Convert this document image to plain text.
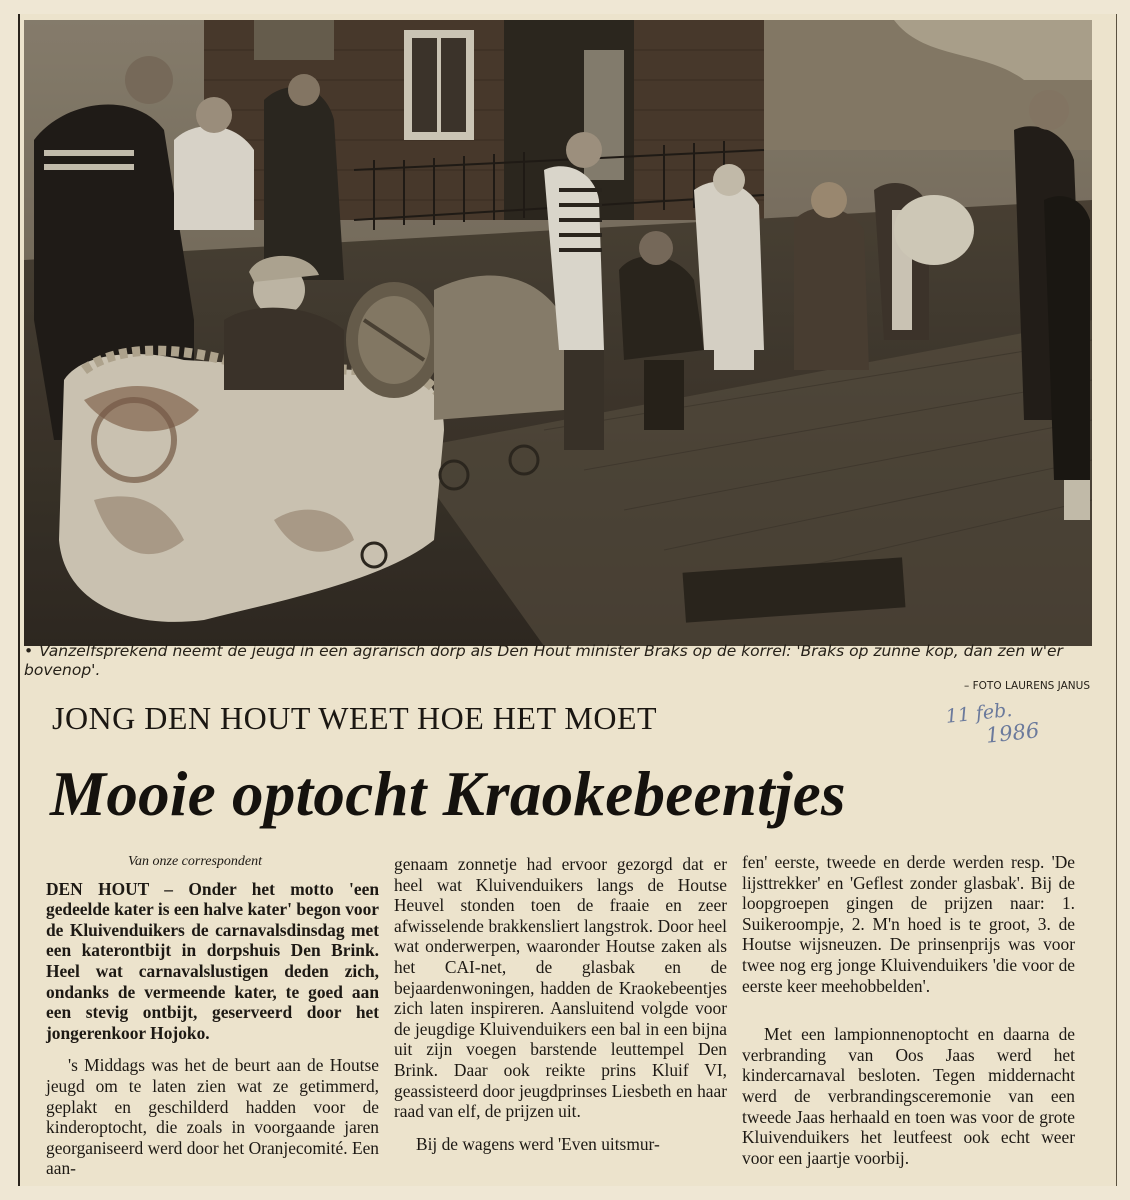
• Vanzelfsprekend neemt de jeugd in een agrarisch dorp als Den Hout minister Braks op de korrel: 'Braks op zunne kop, dan zen w'er bovenop'.
– FOTO LAURENS JANUS
11 feb.
1986
JONG DEN HOUT WEET HOE HET MOET
Mooie optocht Kraokebeentjes
Van onze correspondent

DEN HOUT – Onder het motto 'een gedeelde kater is een halve kater' begon voor de Kluivenduikers de carnavalsdinsdag met een katerontbijt in dorpshuis Den Brink. Heel wat carnavalslustigen deden zich, ondanks de vermeende kater, te goed aan een stevig ontbijt, geserveerd door het jongerenkoor Hojoko.

's Middags was het de beurt aan de Houtse jeugd om te laten zien wat ze getimmerd, geplakt en geschilderd hadden voor de kinderoptocht, die zoals in voorgaande jaren georganiseerd werd door het Oranjecomité. Een aan-

genaam zonnetje had ervoor gezorgd dat er heel wat Kluivenduikers langs de Houtse Heuvel stonden toen de fraaie en zeer afwisselende brakkensliert langstrok. Door heel wat onderwerpen, waaronder Houtse zaken als het CAI-net, de glasbak en de bejaardenwoningen, hadden de Kraokebeentjes zich laten inspireren. Aansluitend volgde voor de jeugdige Kluivenduikers een bal in een bijna uit zijn voegen barstende leuttempel Den Brink. Daar ook reikte prins Kluif VI, geassisteerd door jeugdprinses Liesbeth en haar raad van elf, de prijzen uit.

Bij de wagens werd 'Even uitsmur-

fen' eerste, tweede en derde werden resp. 'De lijsttrekker' en 'Geflest zonder glasbak'. Bij de loopgroepen gingen de prijzen naar: 1. Suikeroompje, 2. M'n hoed is te groot, 3. de Houtse wijsneuzen. De prinsenprijs was voor twee nog erg jonge Kluivenduikers 'die voor de eerste keer meehobbelden'.

Met een lampionnenoptocht en daarna de verbranding van Oos Jaas werd het kindercarnaval besloten. Tegen middernacht werd de verbrandingsceremonie van een tweede Jaas herhaald en toen was voor de grote Kluivenduikers het leutfeest ook echt weer voor een jaartje voorbij.
